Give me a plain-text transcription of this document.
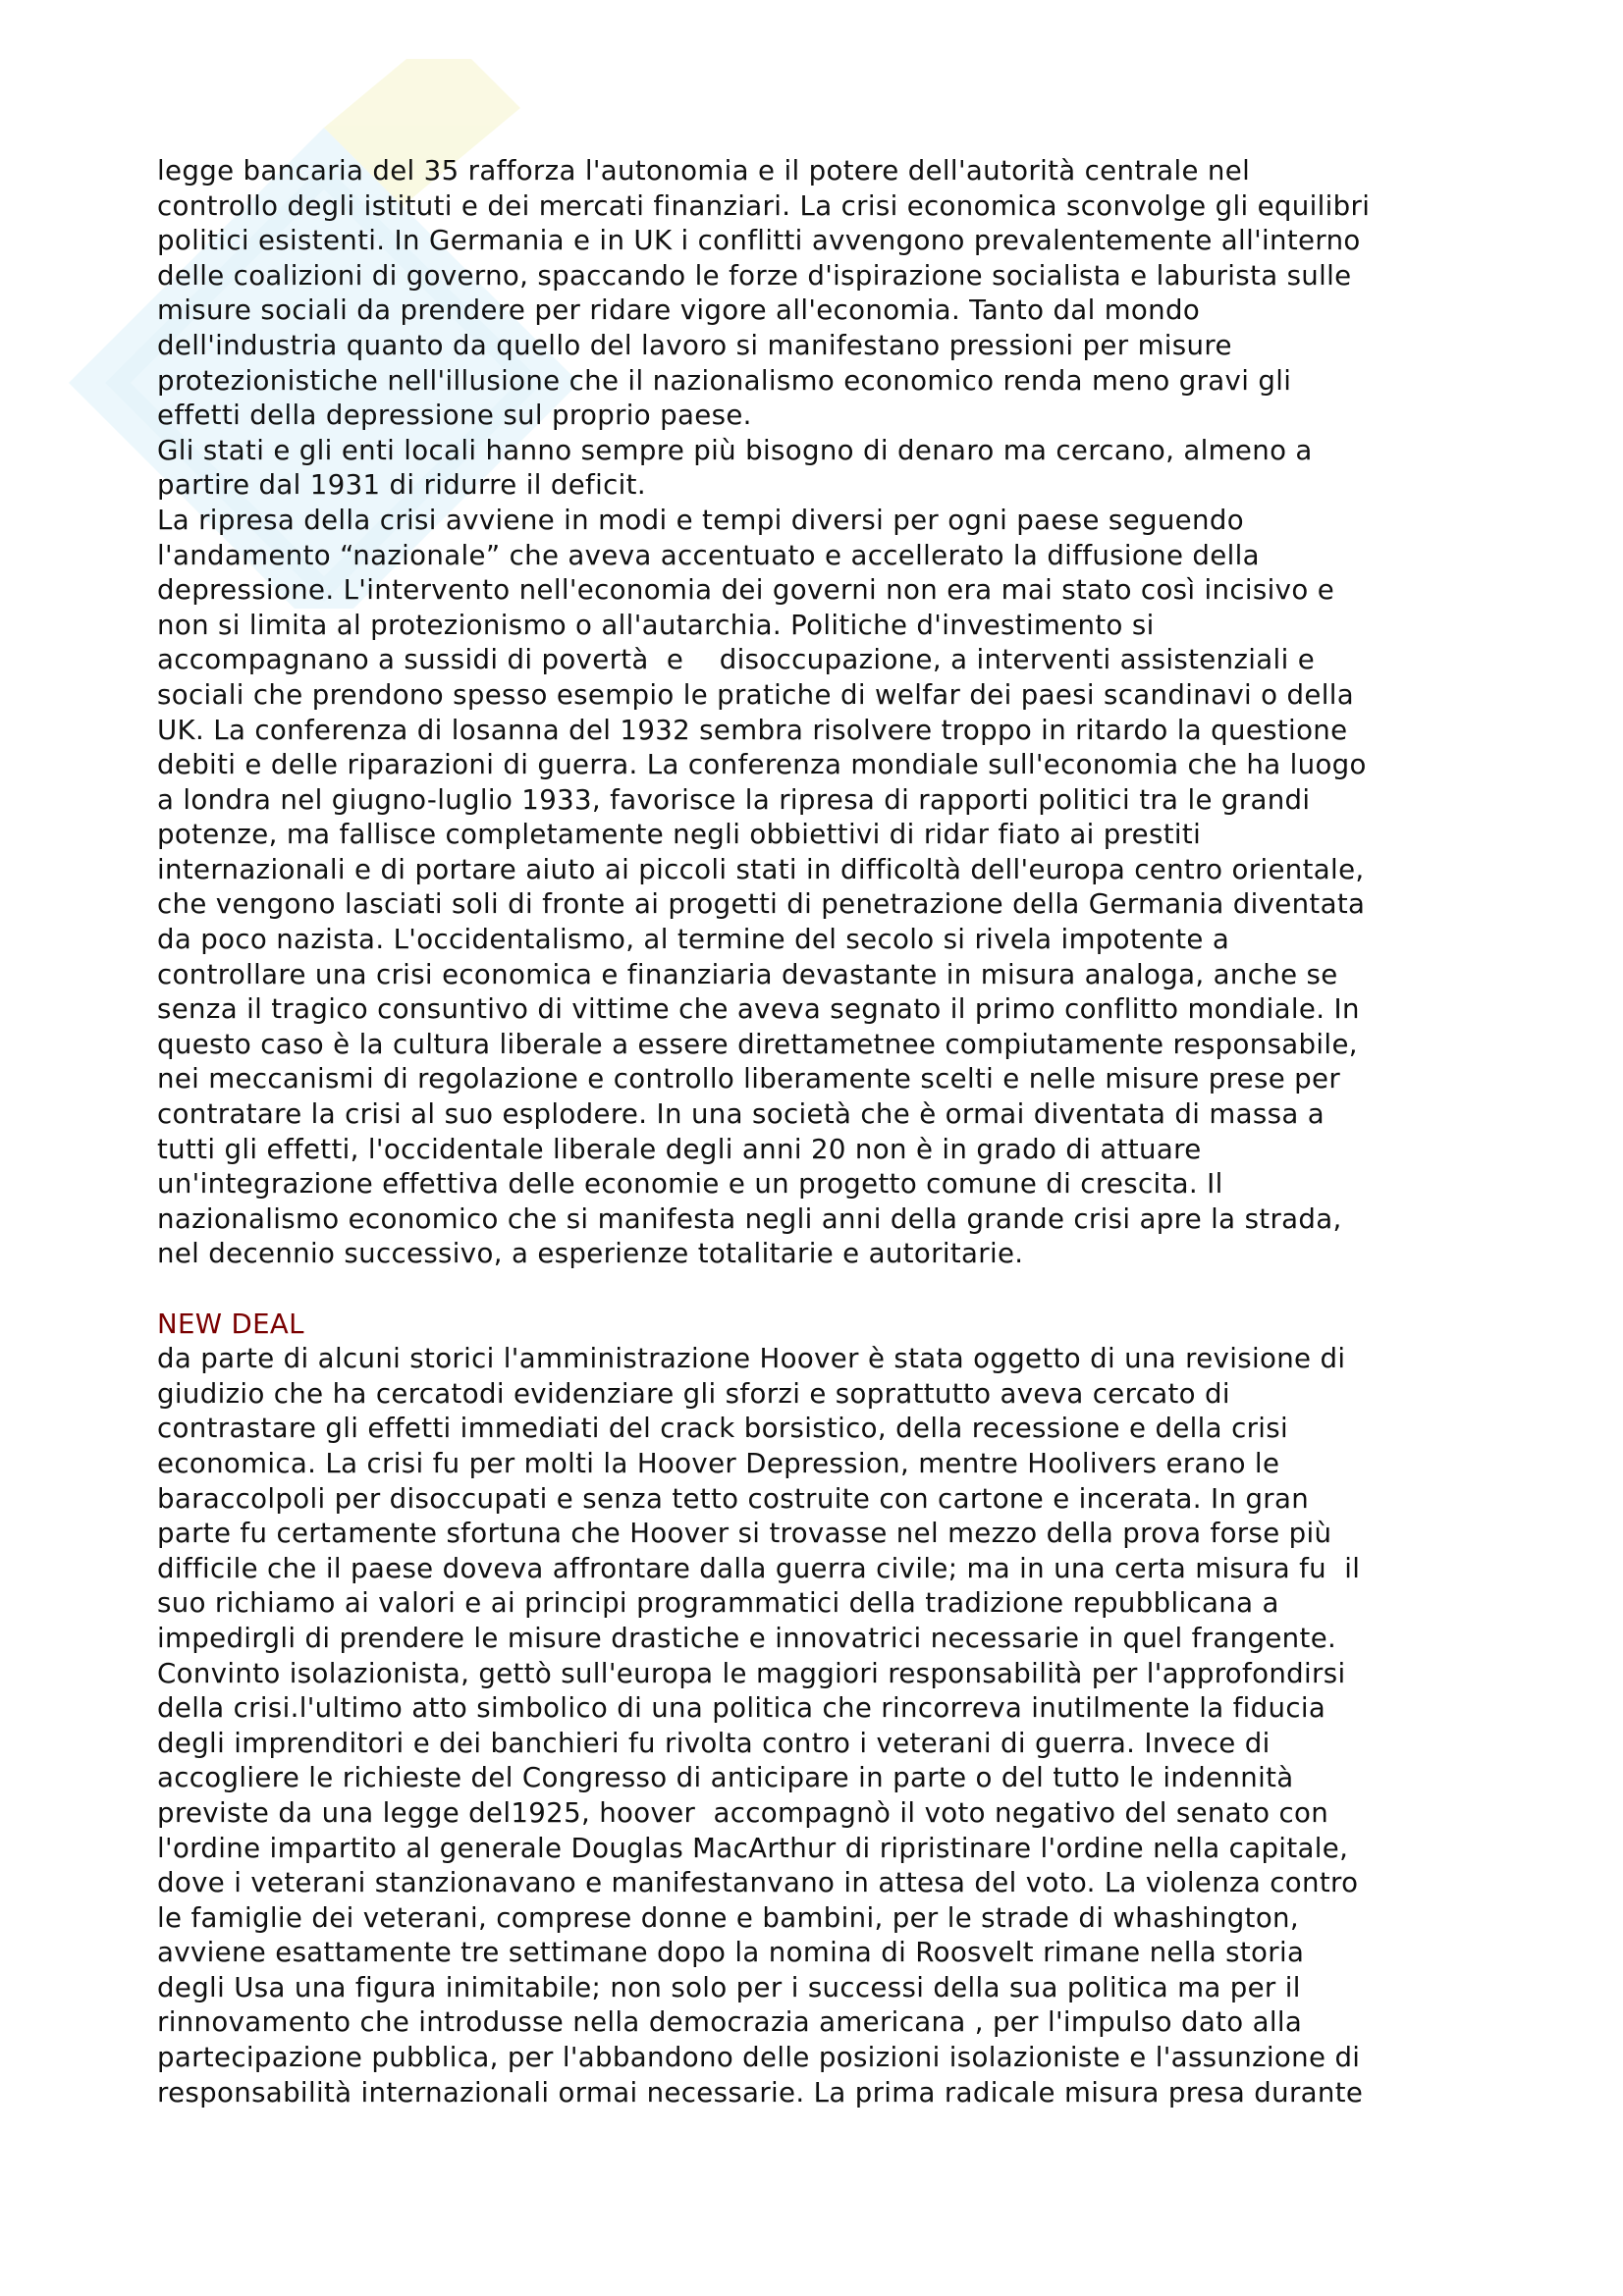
legge bancaria del 35 rafforza l'autonomia e il potere dell'autorità centrale nel
controllo degli istituti e dei mercati finanziari. La crisi economica sconvolge gli equilibri
politici esistenti. In Germania e in UK i conflitti avvengono prevalentemente all'interno
delle coalizioni di governo, spaccando le forze d'ispirazione socialista e laburista sulle
misure sociali da prendere per ridare vigore all'economia. Tanto dal mondo
dell'industria quanto da quello del lavoro si manifestano pressioni per misure
protezionistiche nell'illusione che il nazionalismo economico renda meno gravi gli
effetti della depressione sul proprio paese.
Gli stati e gli enti locali hanno sempre più bisogno di denaro ma cercano, almeno a
partire dal 1931 di ridurre il deficit.
La ripresa della crisi avviene in modi e tempi diversi per ogni paese seguendo
l'andamento “nazionale” che aveva accentuato e accellerato la diffusione della
depressione. L'intervento nell'economia dei governi non era mai stato così incisivo e
non si limita al protezionismo o all'autarchia. Politiche d'investimento si
accompagnano a sussidi di povertà  e    disoccupazione, a interventi assistenziali e
sociali che prendono spesso esempio le pratiche di welfar dei paesi scandinavi o della
UK. La conferenza di losanna del 1932 sembra risolvere troppo in ritardo la questione
debiti e delle riparazioni di guerra. La conferenza mondiale sull'economia che ha luogo
a londra nel giugno-luglio 1933, favorisce la ripresa di rapporti politici tra le grandi
potenze, ma fallisce completamente negli obbiettivi di ridar fiato ai prestiti
internazionali e di portare aiuto ai piccoli stati in difficoltà dell'europa centro orientale,
che vengono lasciati soli di fronte ai progetti di penetrazione della Germania diventata
da poco nazista. L'occidentalismo, al termine del secolo si rivela impotente a
controllare una crisi economica e finanziaria devastante in misura analoga, anche se
senza il tragico consuntivo di vittime che aveva segnato il primo conflitto mondiale. In
questo caso è la cultura liberale a essere direttametnee compiutamente responsabile,
nei meccanismi di regolazione e controllo liberamente scelti e nelle misure prese per
contratare la crisi al suo esplodere. In una società che è ormai diventata di massa a
tutti gli effetti, l'occidentale liberale degli anni 20 non è in grado di attuare
un'integrazione effettiva delle economie e un progetto comune di crescita. Il
nazionalismo economico che si manifesta negli anni della grande crisi apre la strada,
nel decennio successivo, a esperienze totalitarie e autoritarie.
NEW DEAL
da parte di alcuni storici l'amministrazione Hoover è stata oggetto di una revisione di
giudizio che ha cercatodi evidenziare gli sforzi e soprattutto aveva cercato di
contrastare gli effetti immediati del crack borsistico, della recessione e della crisi
economica. La crisi fu per molti la Hoover Depression, mentre Hoolivers erano le
baraccolpoli per disoccupati e senza tetto costruite con cartone e incerata. In gran
parte fu certamente sfortuna che Hoover si trovasse nel mezzo della prova forse più
difficile che il paese doveva affrontare dalla guerra civile; ma in una certa misura fu  il
suo richiamo ai valori e ai principi programmatici della tradizione repubblicana a
impedirgli di prendere le misure drastiche e innovatrici necessarie in quel frangente.
Convinto isolazionista, gettò sull'europa le maggiori responsabilità per l'approfondirsi
della crisi.l'ultimo atto simbolico di una politica che rincorreva inutilmente la fiducia
degli imprenditori e dei banchieri fu rivolta contro i veterani di guerra. Invece di
accogliere le richieste del Congresso di anticipare in parte o del tutto le indennità
previste da una legge del1925, hoover  accompagnò il voto negativo del senato con
l'ordine impartito al generale Douglas MacArthur di ripristinare l'ordine nella capitale,
dove i veterani stanzionavano e manifestanvano in attesa del voto. La violenza contro
le famiglie dei veterani, comprese donne e bambini, per le strade di whashington,
avviene esattamente tre settimane dopo la nomina di Roosvelt rimane nella storia
degli Usa una figura inimitabile; non solo per i successi della sua politica ma per il
rinnovamento che introdusse nella democrazia americana , per l'impulso dato alla
partecipazione pubblica, per l'abbandono delle posizioni isolazioniste e l'assunzione di
responsabilità internazionali ormai necessarie. La prima radicale misura presa durante
